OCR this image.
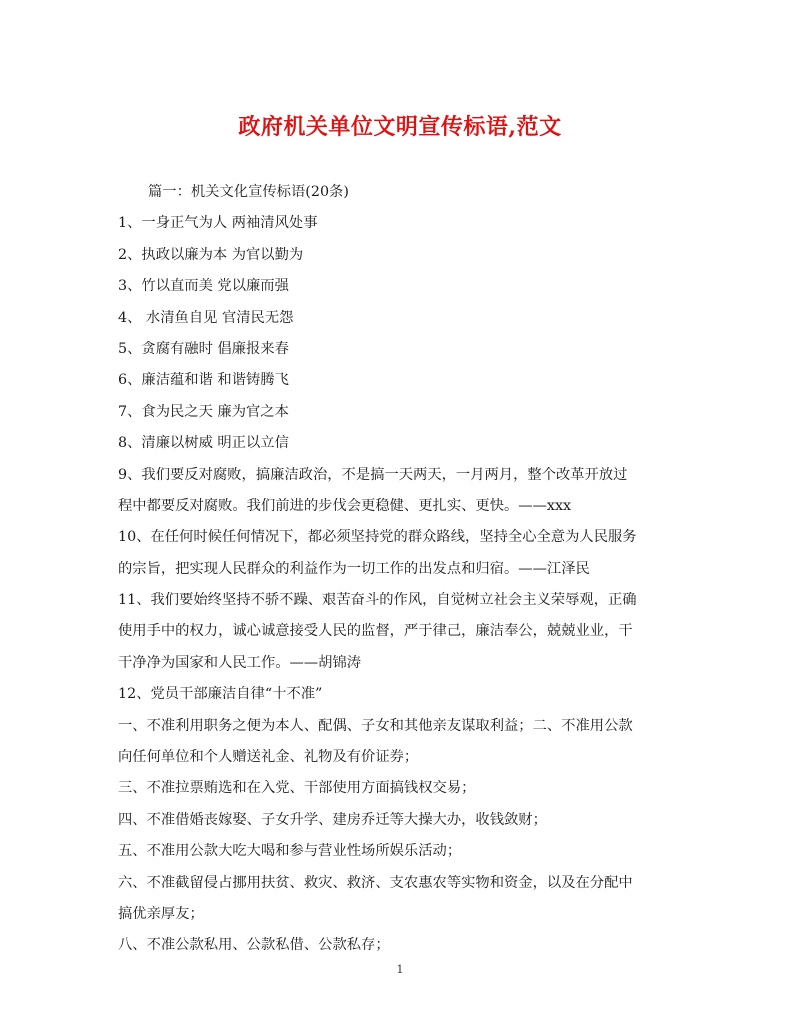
政府机关单位文明宣传标语,范文
篇一：机关文化宣传标语(20条)
1、一身正气为人 两袖清风处事
2、执政以廉为本 为官以勤为
3、竹以直而美 党以廉而强
4、 水清鱼自见 官清民无怨
5、贪腐有融时 倡廉报来春
6、廉洁蕴和谐 和谐铸腾飞
7、食为民之天 廉为官之本
8、清廉以树威 明正以立信
9、我们要反对腐败，搞廉洁政治，不是搞一天两天，一月两月，整个改革开放过
程中都要反对腐败。我们前进的步伐会更稳健、更扎实、更快。——xxx
10、在任何时候任何情况下，都必须坚持党的群众路线，坚持全心全意为人民服务
的宗旨，把实现人民群众的利益作为一切工作的出发点和归宿。——江泽民
11、我们要始终坚持不骄不躁、艰苦奋斗的作风，自觉树立社会主义荣辱观，正确
使用手中的权力，诚心诚意接受人民的监督，严于律己，廉洁奉公，兢兢业业，干
干净净为国家和人民工作。——胡锦涛
12、党员干部廉洁自律“十不准”
一、不准利用职务之便为本人、配偶、子女和其他亲友谋取利益；二、不准用公款
向任何单位和个人赠送礼金、礼物及有价证券；
三、不准拉票贿选和在入党、干部使用方面搞钱权交易；
四、不准借婚丧嫁娶、子女升学、建房乔迁等大操大办，收钱敛财；
五、不准用公款大吃大喝和参与营业性场所娱乐活动；
六、不准截留侵占挪用扶贫、救灾、救济、支农惠农等实物和资金，以及在分配中
搞优亲厚友；
八、不准公款私用、公款私借、公款私存；
1
